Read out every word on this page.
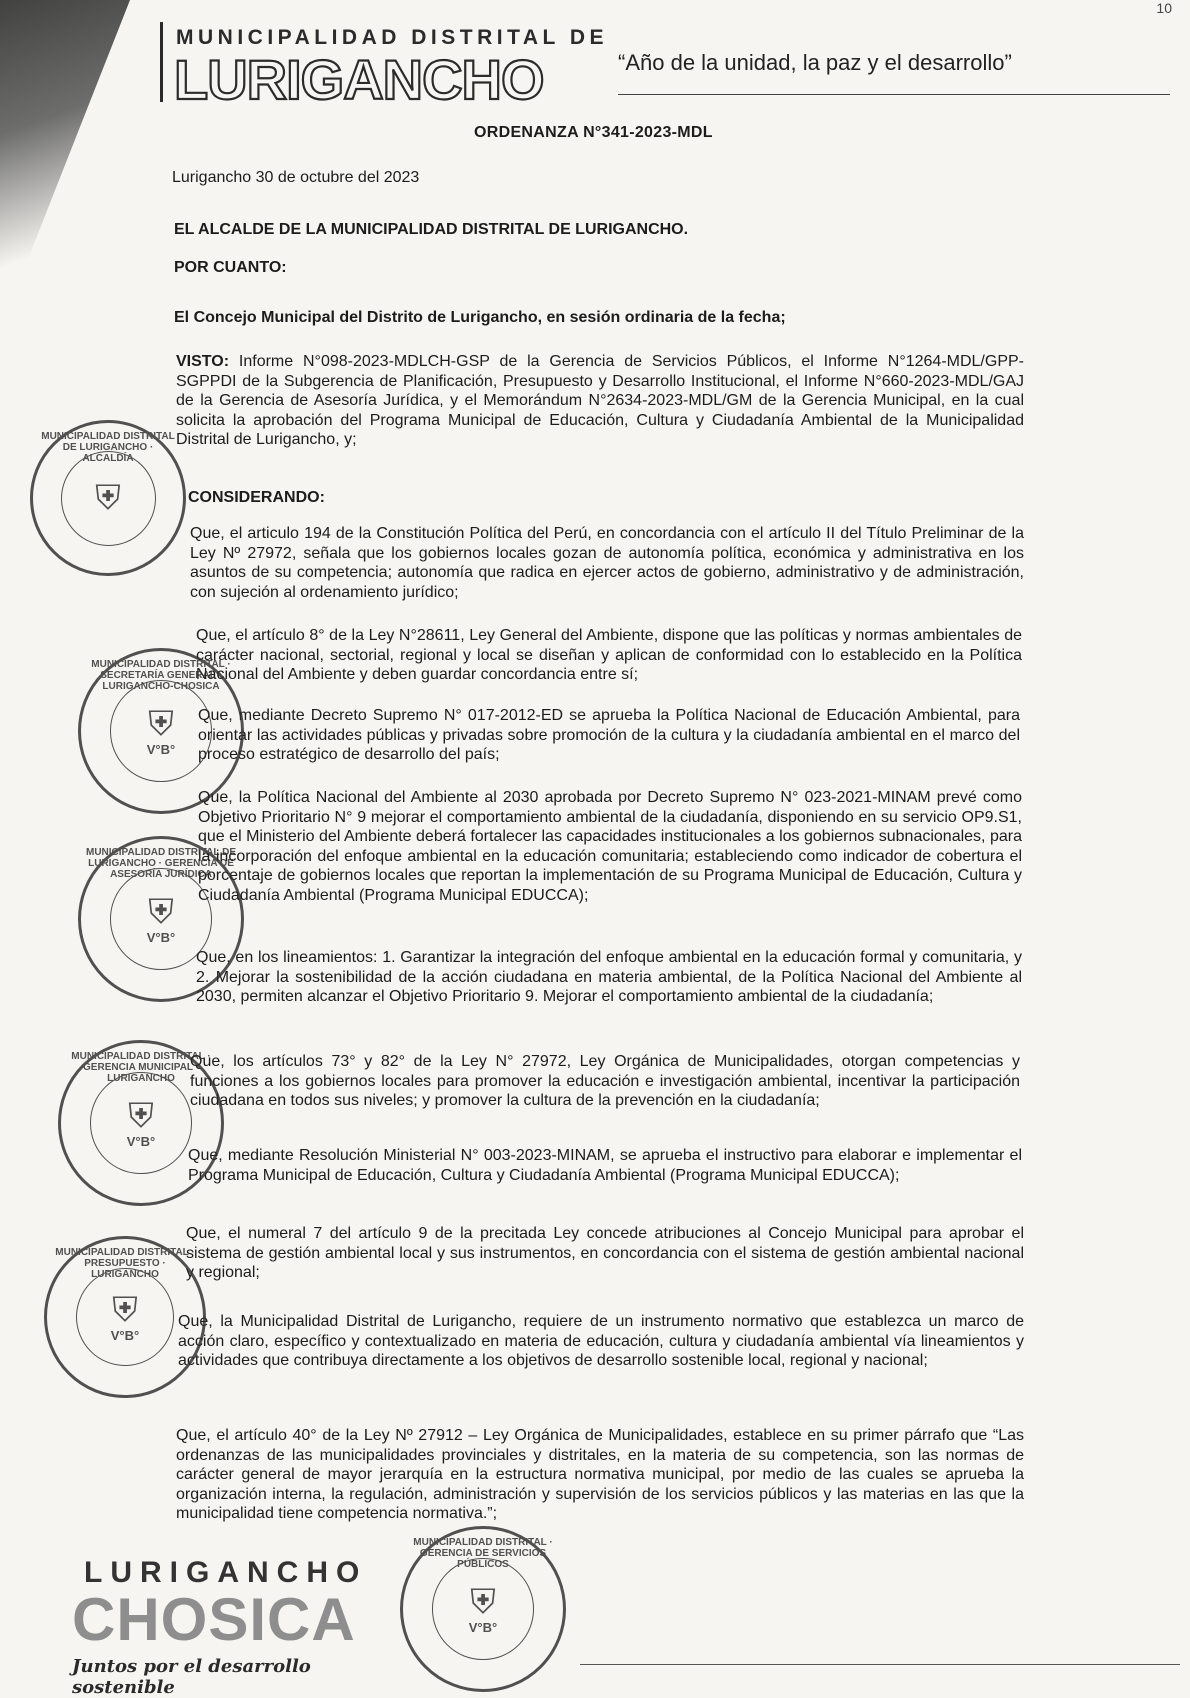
10
MUNICIPALIDAD DISTRITAL DE
LURIGANCHO	“Año de la unidad, la paz y el desarrollo”
ORDENANZA N°341-2023-MDL
Lurigancho 30 de octubre del 2023
EL ALCALDE DE LA MUNICIPALIDAD DISTRITAL DE LURIGANCHO.
POR CUANTO:
El Concejo Municipal del Distrito de Lurigancho, en sesión ordinaria de la fecha;
VISTO: Informe N°098-2023-MDLCH-GSP de la Gerencia de Servicios Públicos, el Informe N°1264-MDL/GPP-SGPPDI de la Subgerencia de Planificación, Presupuesto y Desarrollo Institucional, el Informe N°660-2023-MDL/GAJ de la Gerencia de Asesoría Jurídica, y el Memorándum N°2634-2023-MDL/GM de la Gerencia Municipal, en la cual solicita la aprobación del Programa Municipal de Educación, Cultura y Ciudadanía Ambiental de la Municipalidad Distrital de Lurigancho, y;
CONSIDERANDO:
Que, el articulo 194 de la Constitución Política del Perú, en concordancia con el artículo II del Título Preliminar de la Ley Nº 27972, señala que los gobiernos locales gozan de autonomía política, económica y administrativa en los asuntos de su competencia; autonomía que radica en ejercer actos de gobierno, administrativo y de administración, con sujeción al ordenamiento jurídico;
Que, el artículo 8° de la Ley N°28611, Ley General del Ambiente, dispone que las políticas y normas ambientales de carácter nacional, sectorial, regional y local se diseñan y aplican de conformidad con lo establecido en la Política Nacional del Ambiente y deben guardar concordancia entre sí;
Que, mediante Decreto Supremo N° 017-2012-ED se aprueba la Política Nacional de Educación Ambiental, para orientar las actividades públicas y privadas sobre promoción de la cultura y la ciudadanía ambiental en el marco del proceso estratégico de desarrollo del país;
Que, la Política Nacional del Ambiente al 2030 aprobada por Decreto Supremo N° 023-2021-MINAM prevé como Objetivo Prioritario N° 9 mejorar el comportamiento ambiental de la ciudadanía, disponiendo en su servicio OP9.S1, que el Ministerio del Ambiente deberá fortalecer las capacidades institucionales a los gobiernos subnacionales, para la incorporación del enfoque ambiental en la educación comunitaria; estableciendo como indicador de cobertura el porcentaje de gobiernos locales que reportan la implementación de su Programa Municipal de Educación, Cultura y Ciudadanía Ambiental (Programa Municipal EDUCCA);
Que, en los lineamientos: 1. Garantizar la integración del enfoque ambiental en la educación formal y comunitaria, y 2. Mejorar la sostenibilidad de la acción ciudadana en materia ambiental, de la Política Nacional del Ambiente al 2030, permiten alcanzar el Objetivo Prioritario 9. Mejorar el comportamiento ambiental de la ciudadanía;
Que, los artículos 73° y 82° de la Ley N° 27972, Ley Orgánica de Municipalidades, otorgan competencias y funciones a los gobiernos locales para promover la educación e investigación ambiental, incentivar la participación ciudadana en todos sus niveles; y promover la cultura de la prevención en la ciudadanía;
Que, mediante Resolución Ministerial N° 003-2023-MINAM, se aprueba el instructivo para elaborar e implementar el Programa Municipal de Educación, Cultura y Ciudadanía Ambiental (Programa Municipal EDUCCA);
Que, el numeral 7 del artículo 9 de la precitada Ley concede atribuciones al Concejo Municipal para aprobar el sistema de gestión ambiental local y sus instrumentos, en concordancia con el sistema de gestión ambiental nacional y regional;
Que, la Municipalidad Distrital de Lurigancho, requiere de un instrumento normativo que establezca un marco de acción claro, específico y contextualizado en materia de educación, cultura y ciudadanía ambiental vía lineamientos y actividades que contribuya directamente a los objetivos de desarrollo sostenible local, regional y nacional;
Que, el artículo 40° de la Ley Nº 27912 – Ley Orgánica de Municipalidades, establece en su primer párrafo que “Las ordenanzas de las municipalidades provinciales y distritales, en la materia de su competencia, son las normas de carácter general de mayor jerarquía en la estructura normativa municipal, por medio de las cuales se aprueba la organización interna, la regulación, administración y supervisión de los servicios públicos y las materias en las que la municipalidad tiene competencia normativa.”;
MUNICIPALIDAD DISTRITAL DE LURIGANCHO · ALCALDÍA
⛨
MUNICIPALIDAD DISTRITAL · SECRETARÍA GENERAL · LURIGANCHO-CHOSICA
⛨
V°B°
MUNICIPALIDAD DISTRITAL DE LURIGANCHO · GERENCIA DE ASESORÍA JURÍDICA
⛨
V°B°
MUNICIPALIDAD DISTRITAL · GERENCIA MUNICIPAL · LURIGANCHO
⛨
V°B°
MUNICIPALIDAD DISTRITAL · PRESUPUESTO · LURIGANCHO
⛨
V°B°
MUNICIPALIDAD DISTRITAL · GERENCIA DE SERVICIOS PÚBLICOS
⛨
V°B°
LURIGANCHO
CHOSICA
Juntos por el desarrollo sostenible
